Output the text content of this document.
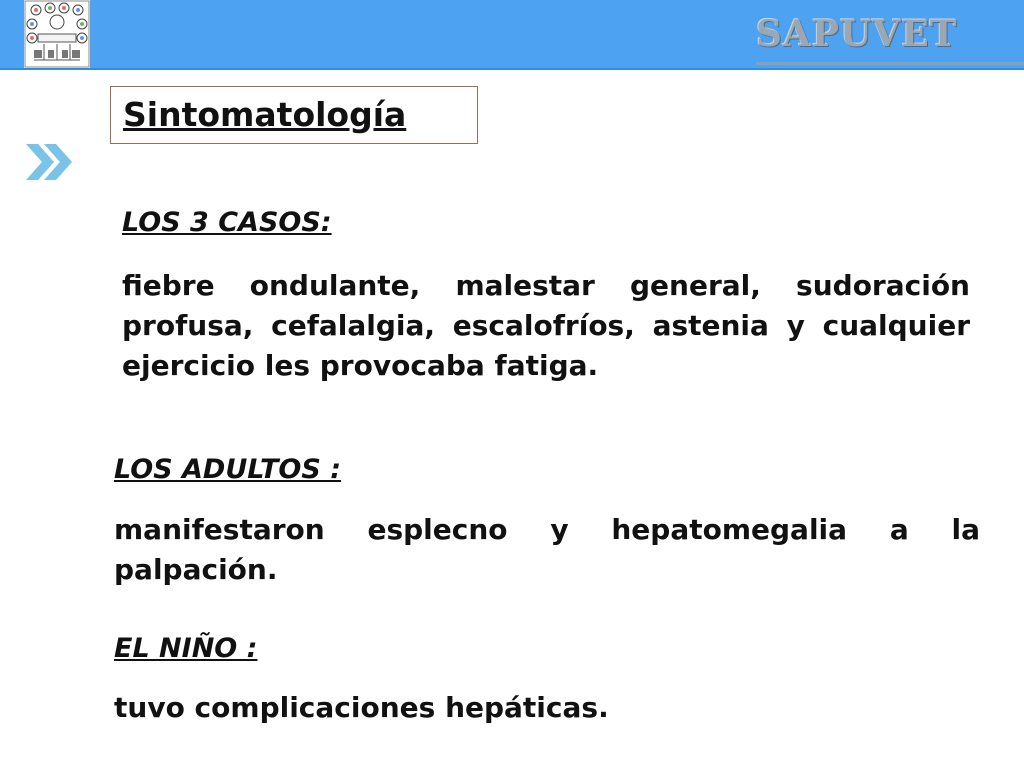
SAPUVET
Sintomatología
LOS 3 CASOS:
fiebre ondulante, malestar general, sudoración profusa, cefalalgia, escalofríos, astenia y cualquier ejercicio les provocaba fatiga.
LOS ADULTOS :
manifestaron esplecno y hepatomegalia a la palpación.
EL NIÑO :
tuvo complicaciones hepáticas.
